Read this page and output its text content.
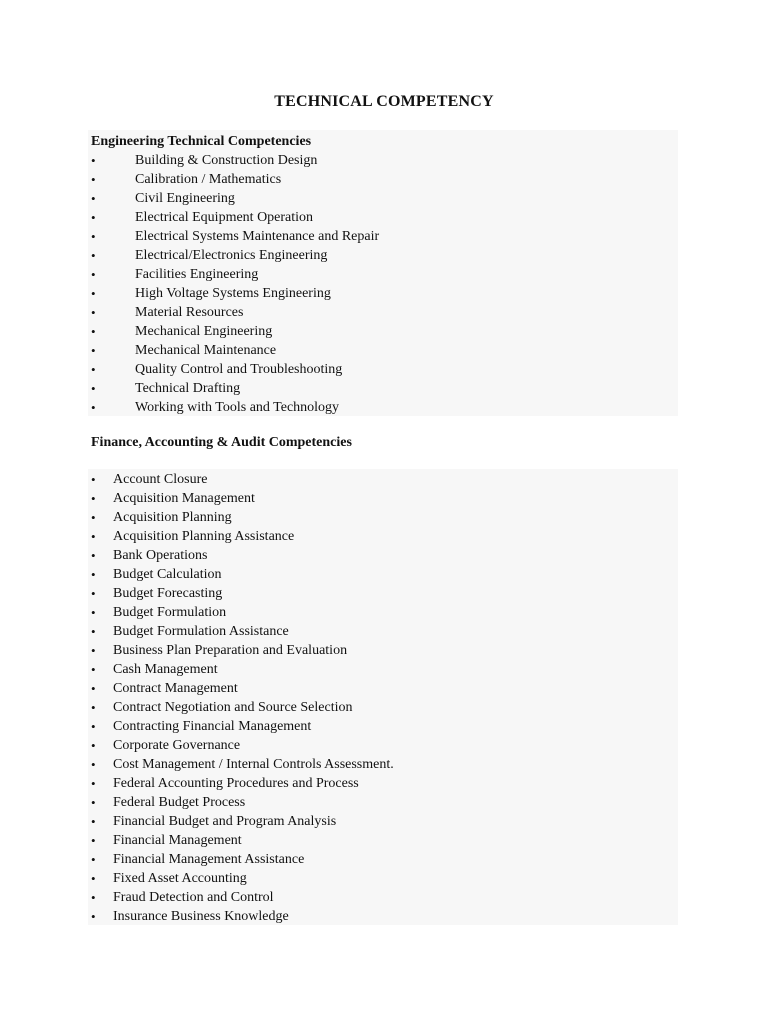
TECHNICAL COMPETENCY
Engineering Technical Competencies
•	Building & Construction Design
•	Calibration / Mathematics
•	Civil Engineering
•	Electrical Equipment Operation
•	Electrical Systems Maintenance and Repair
•	Electrical/Electronics Engineering
•	Facilities Engineering
•	High Voltage Systems Engineering
•	Material Resources
•	Mechanical Engineering
•	Mechanical Maintenance
•	Quality Control and Troubleshooting
•	Technical Drafting
•	Working with Tools and Technology
Finance, Accounting & Audit Competencies
• Account Closure
• Acquisition Management
• Acquisition Planning
• Acquisition Planning Assistance
• Bank Operations
• Budget Calculation
• Budget Forecasting
• Budget Formulation
• Budget Formulation Assistance
• Business Plan Preparation and Evaluation
• Cash Management
• Contract Management
• Contract Negotiation and Source Selection
• Contracting Financial Management
• Corporate Governance
• Cost Management / Internal Controls Assessment.
• Federal Accounting Procedures and Process
• Federal Budget Process
• Financial Budget and Program Analysis
• Financial Management
• Financial Management Assistance
• Fixed Asset Accounting
• Fraud Detection and Control
• Insurance Business Knowledge
